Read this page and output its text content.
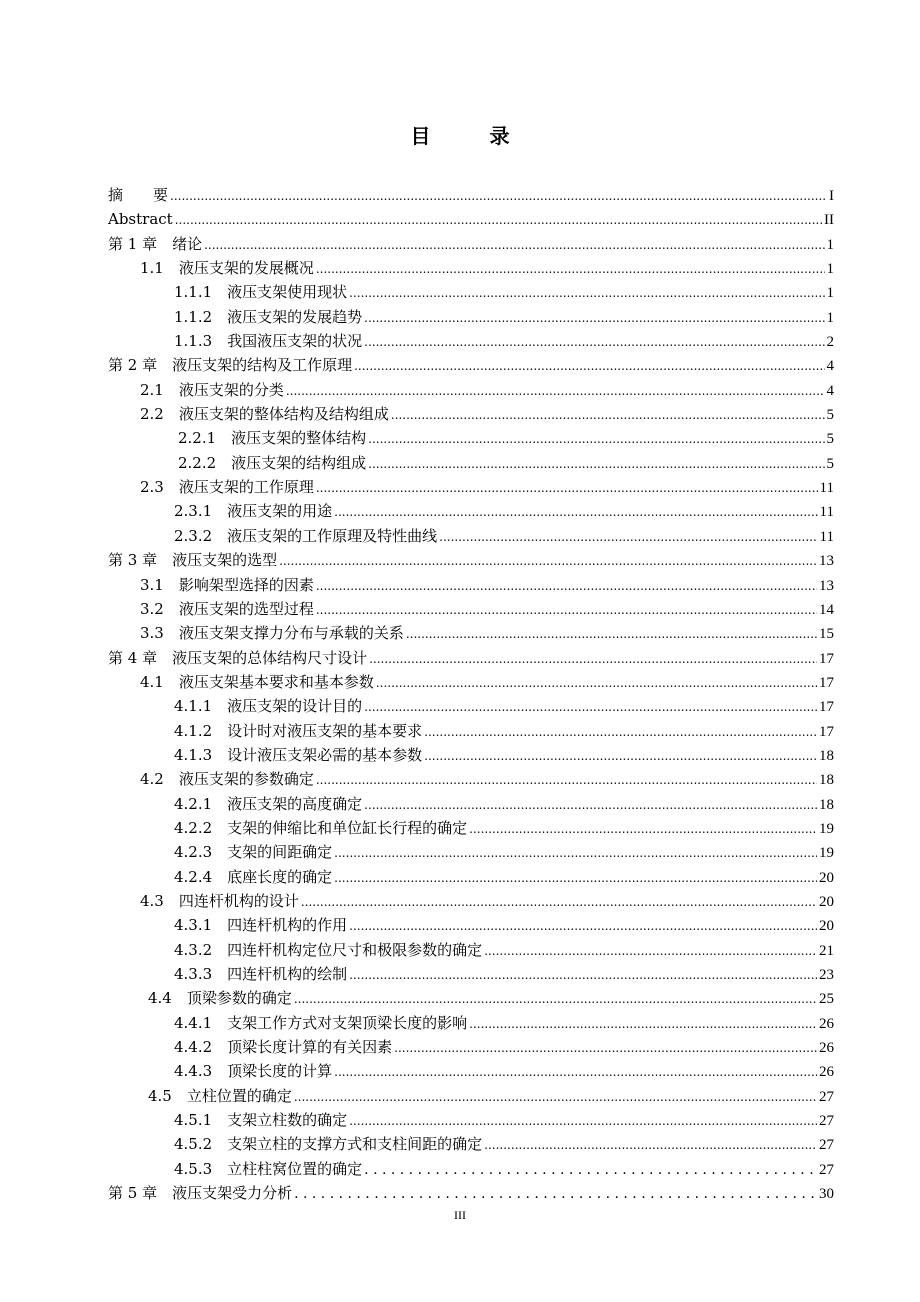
目 录
摘　　要 .....	I
Abstract .....	II
第 1 章　绪论 .....	1
1.1　液压支架的发展概况 .....	1
1.1.1　液压支架使用现状 .....	1
1.1.2　液压支架的发展趋势 .....	1
1.1.3　我国液压支架的状况 .....	2
第 2 章　液压支架的结构及工作原理 .....	4
2.1　液压支架的分类 .....	4
2.2　液压支架的整体结构及结构组成 .....	5
2.2.1　液压支架的整体结构 .....	5
2.2.2　液压支架的结构组成 .....	5
2.3　液压支架的工作原理 .....	11
2.3.1　液压支架的用途 .....	11
2.3.2　液压支架的工作原理及特性曲线 .....	11
第 3 章　液压支架的选型 .....	13
3.1　影响架型选择的因素 .....	13
3.2　液压支架的选型过程 .....	14
3.3　液压支架支撑力分布与承载的关系 .....	15
第 4 章　液压支架的总体结构尺寸设计 .....	17
4.1　液压支架基本要求和基本参数 .....	17
4.1.1　液压支架的设计目的 .....	17
4.1.2　设计时对液压支架的基本要求 .....	17
4.1.3　设计液压支架必需的基本参数 .....	18
4.2　液压支架的参数确定 .....	18
4.2.1　液压支架的高度确定 .....	18
4.2.2　支架的伸缩比和单位缸长行程的确定 .....	19
4.2.3　支架的间距确定 .....	19
4.2.4　底座长度的确定 .....	20
4.3　四连杆机构的设计 .....	20
4.3.1　四连杆机构的作用 .....	20
4.3.2　四连杆机构定位尺寸和极限参数的确定 .....	21
4.3.3　四连杆机构的绘制 .....	23
4.4　顶梁参数的确定 .....	25
4.4.1　支架工作方式对支架顶梁长度的影响 .....	26
4.4.2　顶梁长度计算的有关因素 .....	26
4.4.3　顶梁长度的计算 .....	26
4.5　立柱位置的确定 .....	27
4.5.1　支架立柱数的确定 .....	27
4.5.2　支架立柱的支撑方式和支柱间距的确定 .....	27
4.5.3　立柱柱窝位置的确定 . . .	27
第 5 章　液压支架受力分析 . . .	30
III
